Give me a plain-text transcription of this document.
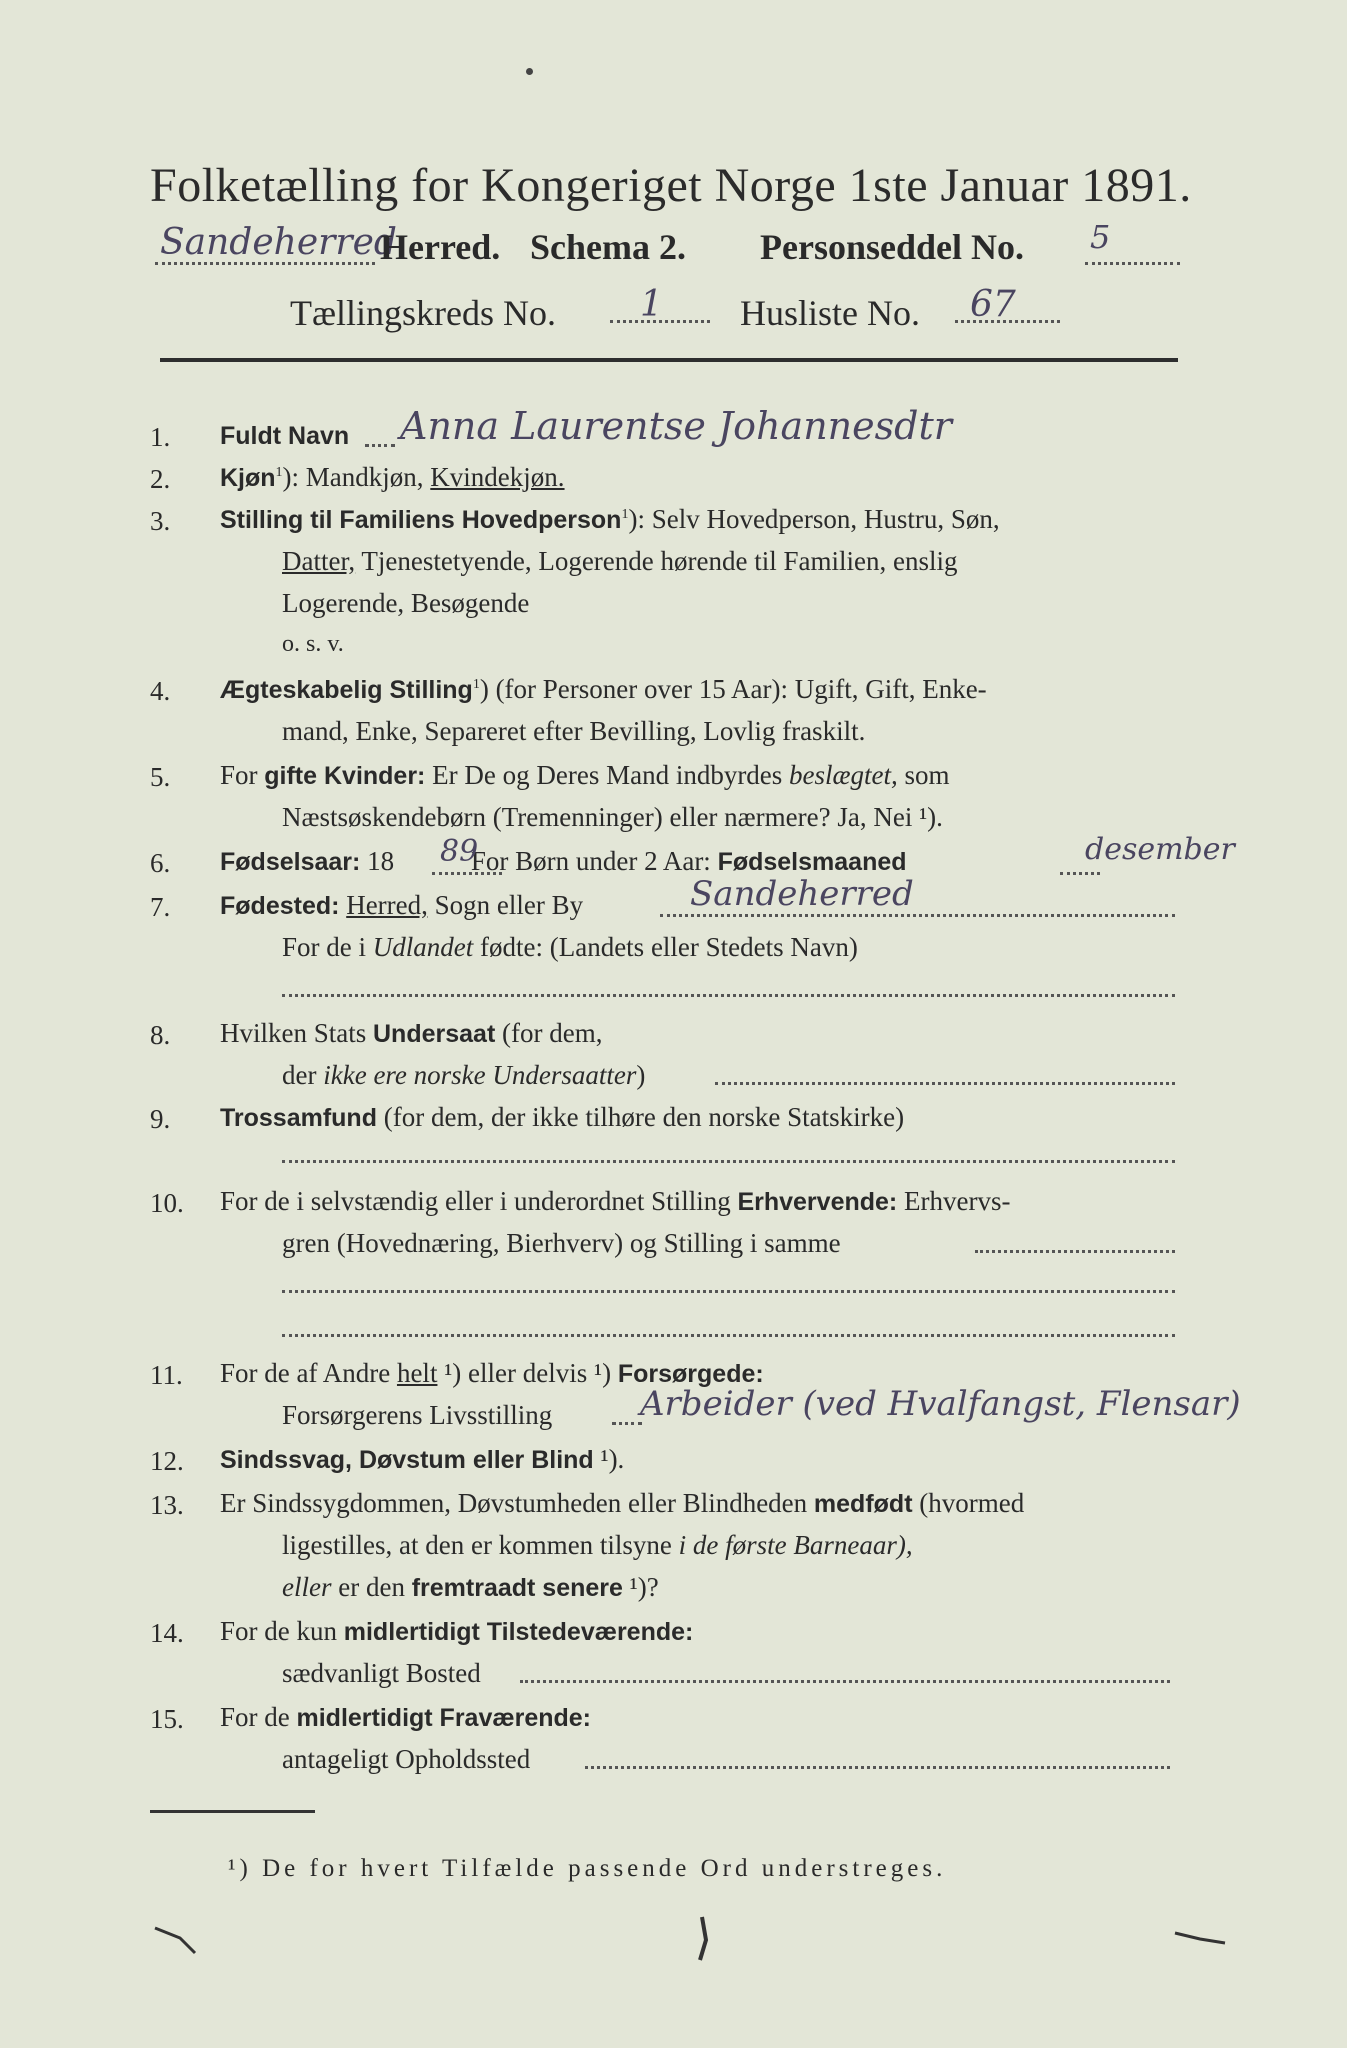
Folketælling for Kongeriget Norge 1ste Januar 1891.
Sandeherred
Herred. Schema 2. Personseddel No. 5
Tællingskreds No. 1 Husliste No. 67
1. Fuldt Navn Anna Laurentse Johannesdtr
2. Kjøn$^1$): Mandkjøn, Kvindekjøn.
3. Stilling til Familiens Hovedperson$^1$): Selv Hovedperson, Hustru, Søn,
Datter, Tjenestetyende, Logerende hørende til Familien, enslig
Logerende, Besøgende
o. s. v.
4. Ægteskabelig Stilling$^1$) (for Personer over 15 Aar): Ugift, Gift, Enke-
mand, Enke, Separeret efter Bevilling, Lovlig fraskilt.
5. For gifte Kvinder: Er De og Deres Mand indbyrdes beslægtet, som
Næstsøskendebørn (Tremenninger) eller nærmere? Ja, Nei ¹).
6. Fødselsaar: 18	For Børn under 2 Aar: Fødselsmaaned
89	desember
7. Fødested: Herred, Sogn eller By	Sandeherred
For de i Udlandet fødte: (Landets eller Stedets Navn)
8. Hvilken Stats Undersaat (for dem,
der ikke ere norske Undersaatter)
9. Trossamfund (for dem, der ikke tilhøre den norske Statskirke)
10. For de i selvstændig eller i underordnet Stilling Erhvervende: Erhvervs-
gren (Hovednæring, Bierhverv) og Stilling i samme
11. For de af Andre helt ¹) eller delvis ¹) Forsørgede:
Forsørgerens Livsstilling	Arbeider (ved Hvalfangst, Flensar)
12. Sindssvag, Døvstum eller Blind ¹).
13. Er Sindssygdommen, Døvstumheden eller Blindheden medfødt (hvormed
ligestilles, at den er kommen tilsyne i de første Barneaar),
eller er den fremtraadt senere ¹)?
14. For de kun midlertidigt Tilstedeværende:
sædvanligt Bosted
15. For de midlertidigt Fraværende:
antageligt Opholdssted
¹) De for hvert Tilfælde passende Ord understreges.
